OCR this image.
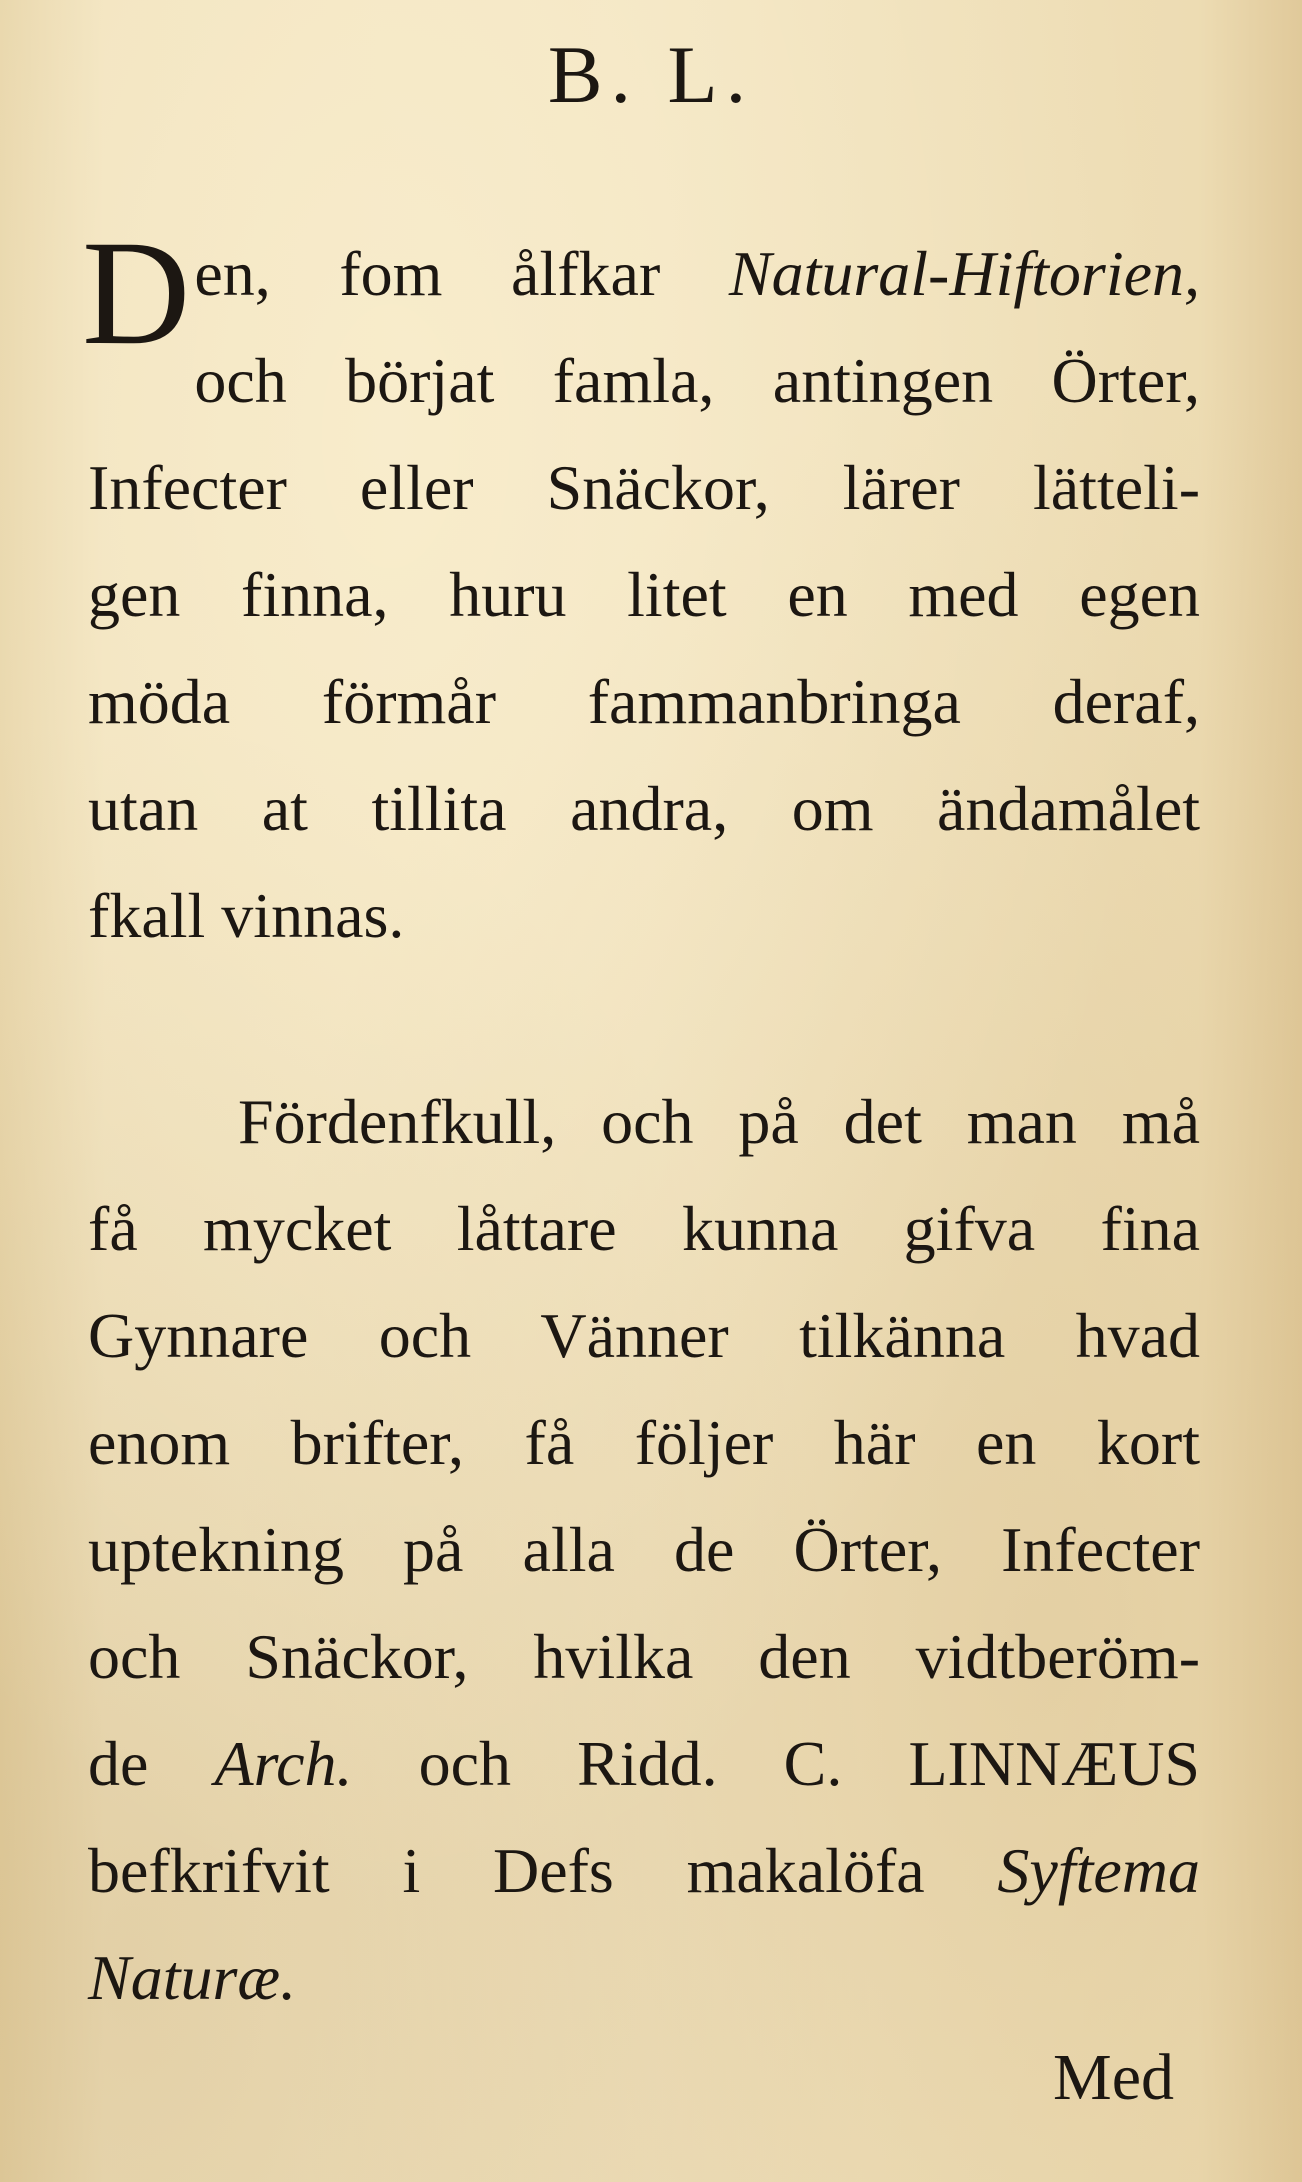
B. L.
D en, fom ålfkar Natural-Hiftorien,
och börjat famla, antingen Örter,
Infecter eller Snäckor, lärer lätteli-
gen finna, huru litet en med egen
möda förmår fammanbringa deraf,
utan at tillita andra, om ändamålet
fkall vinnas.
Fördenfkull, och på det man må
få mycket låttare kunna gifva fina
Gynnare och Vänner tilkänna hvad
enom brifter, få följer här en kort
uptekning på alla de Örter, Infecter
och Snäckor, hvilka den vidtberöm-
de Arch. och Ridd. C. LINNÆUS
befkrifvit i Defs makalöfa Syftema
Naturæ.
Med
